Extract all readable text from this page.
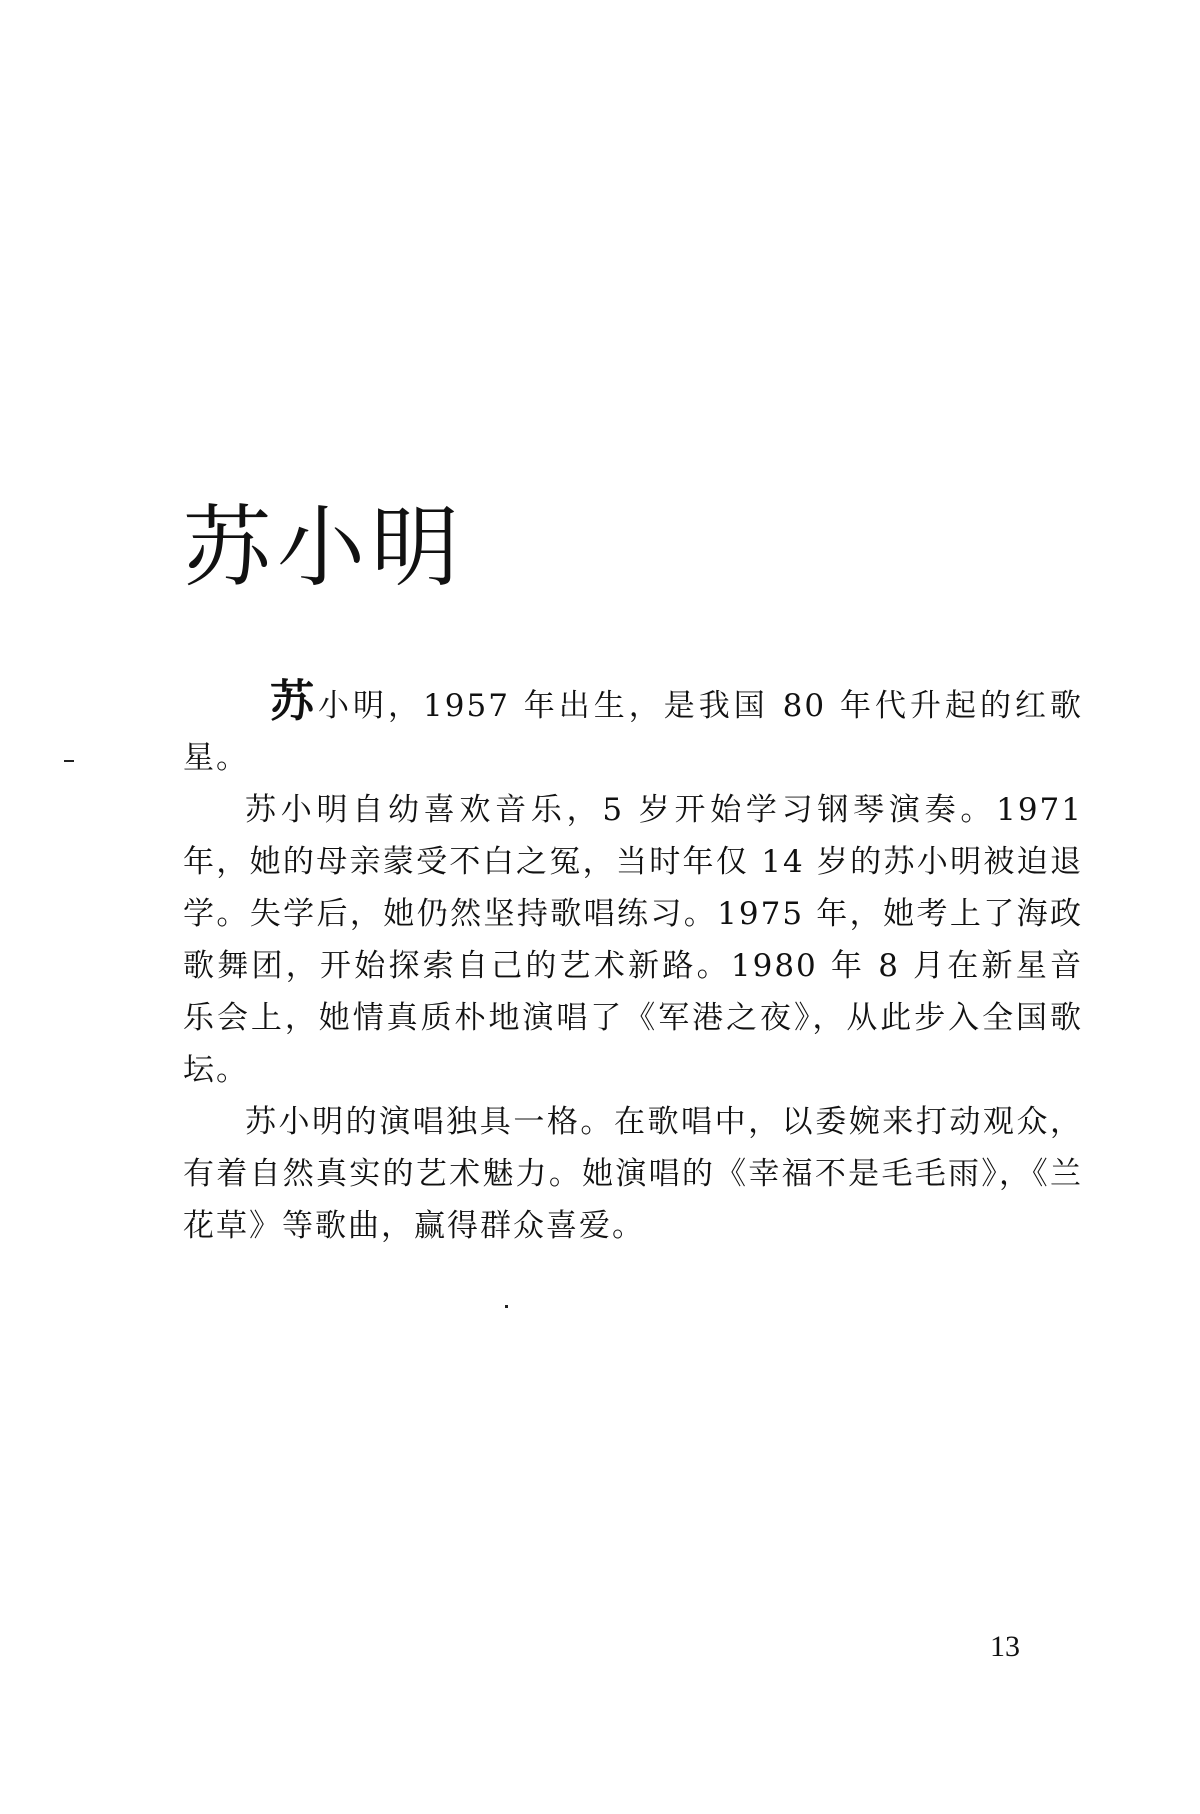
苏小明

苏小明，1957 年出生，是我国 80 年代升起的红歌星。

苏小明自幼喜欢音乐，5 岁开始学习钢琴演奏。1971 年，她的母亲蒙受不白之冤，当时年仅 14 岁的苏小明被迫退学。失学后，她仍然坚持歌唱练习。1975 年，她考上了海政歌舞团，开始探索自己的艺术新路。1980 年 8 月在新星音乐会上，她情真质朴地演唱了《军港之夜》，从此步入全国歌坛。

苏小明的演唱独具一格。在歌唱中，以委婉来打动观众，有着自然真实的艺术魅力。她演唱的《幸福不是毛毛雨》，《兰花草》等歌曲，赢得群众喜爱。

13
